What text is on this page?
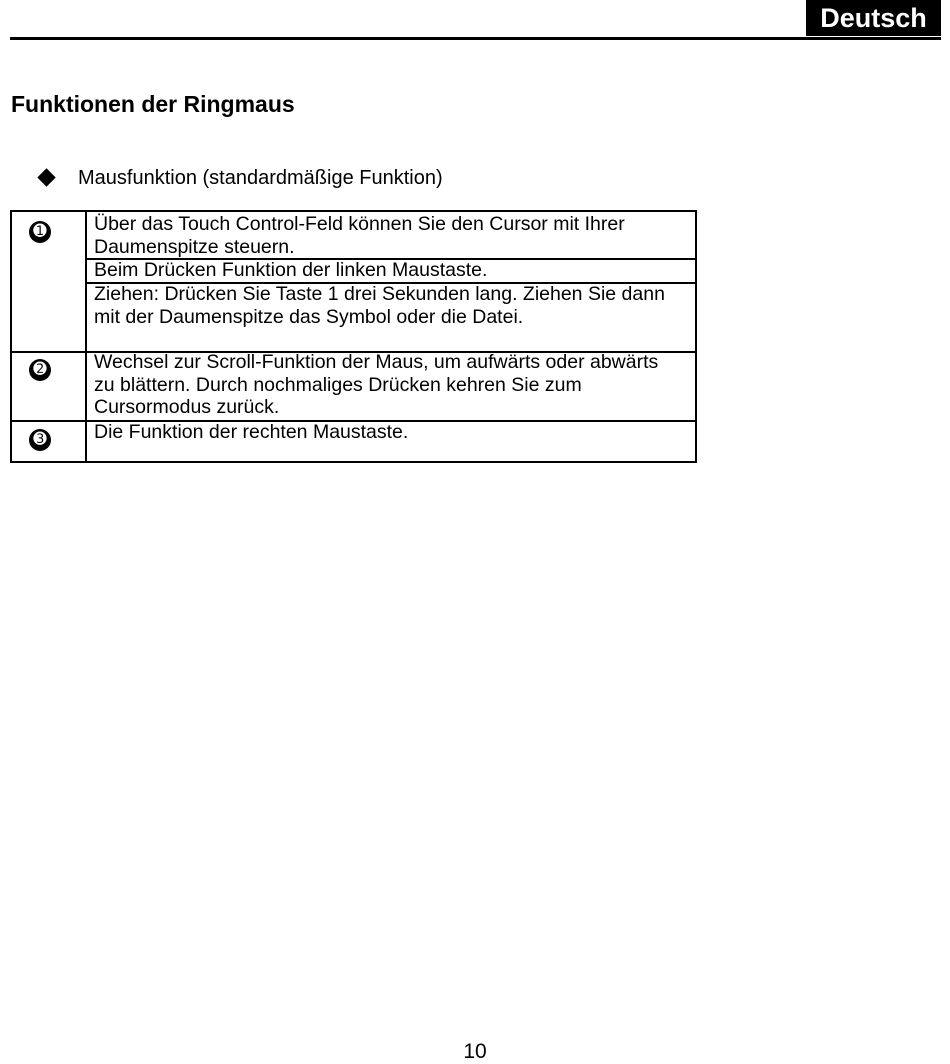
Deutsch
Funktionen der Ringmaus
Mausfunktion (standardmäßige Funktion)
➊
➋
➌
Über das Touch Control-Feld können Sie den Cursor mit Ihrer Daumenspitze steuern.
Beim Drücken Funktion der linken Maustaste.
Ziehen: Drücken Sie Taste 1 drei Sekunden lang. Ziehen Sie dann mit der Daumenspitze das Symbol oder die Datei.
Wechsel zur Scroll-Funktion der Maus, um aufwärts oder abwärts zu blättern. Durch nochmaliges Drücken kehren Sie zum Cursormodus zurück.
Die Funktion der rechten Maustaste.
10
